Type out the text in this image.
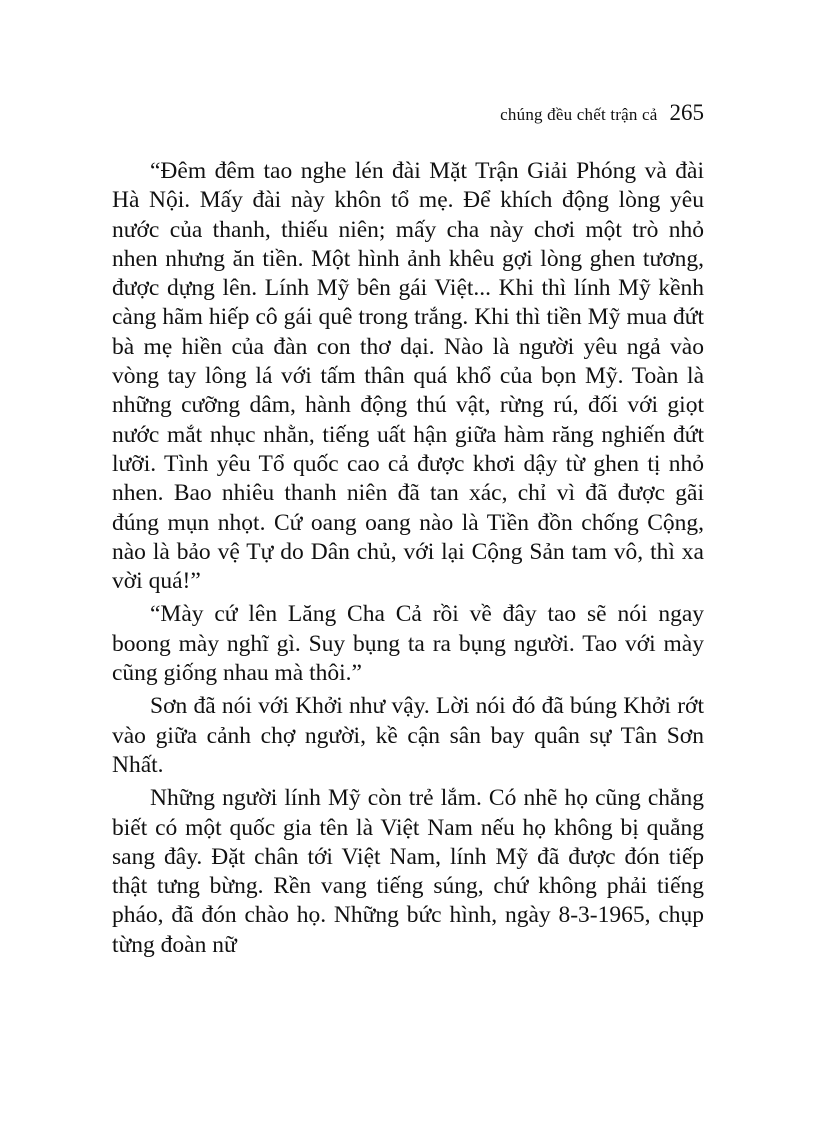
chúng đều chết trận cả 265

“Đêm đêm tao nghe lén đài Mặt Trận Giải Phóng và đài Hà Nội. Mấy đài này khôn tổ mẹ. Để khích động lòng yêu nước của thanh, thiếu niên; mấy cha này chơi một trò nhỏ nhen nhưng ăn tiền. Một hình ảnh khêu gợi lòng ghen tương, được dựng lên. Lính Mỹ bên gái Việt... Khi thì lính Mỹ kềnh càng hãm hiếp cô gái quê trong trắng. Khi thì tiền Mỹ mua đứt bà mẹ hiền của đàn con thơ dại. Nào là người yêu ngả vào vòng tay lông lá với tấm thân quá khổ của bọn Mỹ. Toàn là những cưỡng dâm, hành động thú vật, rừng rú, đối với giọt nước mắt nhục nhằn, tiếng uất hận giữa hàm răng nghiến đứt lưỡi. Tình yêu Tổ quốc cao cả được khơi dậy từ ghen tị nhỏ nhen. Bao nhiêu thanh niên đã tan xác, chỉ vì đã được gãi đúng mụn nhọt. Cứ oang oang nào là Tiền đồn chống Cộng, nào là bảo vệ Tự do Dân chủ, với lại Cộng Sản tam vô, thì xa vời quá!”

“Mày cứ lên Lăng Cha Cả rồi về đây tao sẽ nói ngay boong mày nghĩ gì. Suy bụng ta ra bụng người. Tao với mày cũng giống nhau mà thôi.”

Sơn đã nói với Khởi như vậy. Lời nói đó đã búng Khởi rớt vào giữa cảnh chợ người, kề cận sân bay quân sự Tân Sơn Nhất.

Những người lính Mỹ còn trẻ lắm. Có nhẽ họ cũng chẳng biết có một quốc gia tên là Việt Nam nếu họ không bị quẳng sang đây. Đặt chân tới Việt Nam, lính Mỹ đã được đón tiếp thật tưng bừng. Rền vang tiếng súng, chứ không phải tiếng pháo, đã đón chào họ. Những bức hình, ngày 8-3-1965, chụp từng đoàn nữ
